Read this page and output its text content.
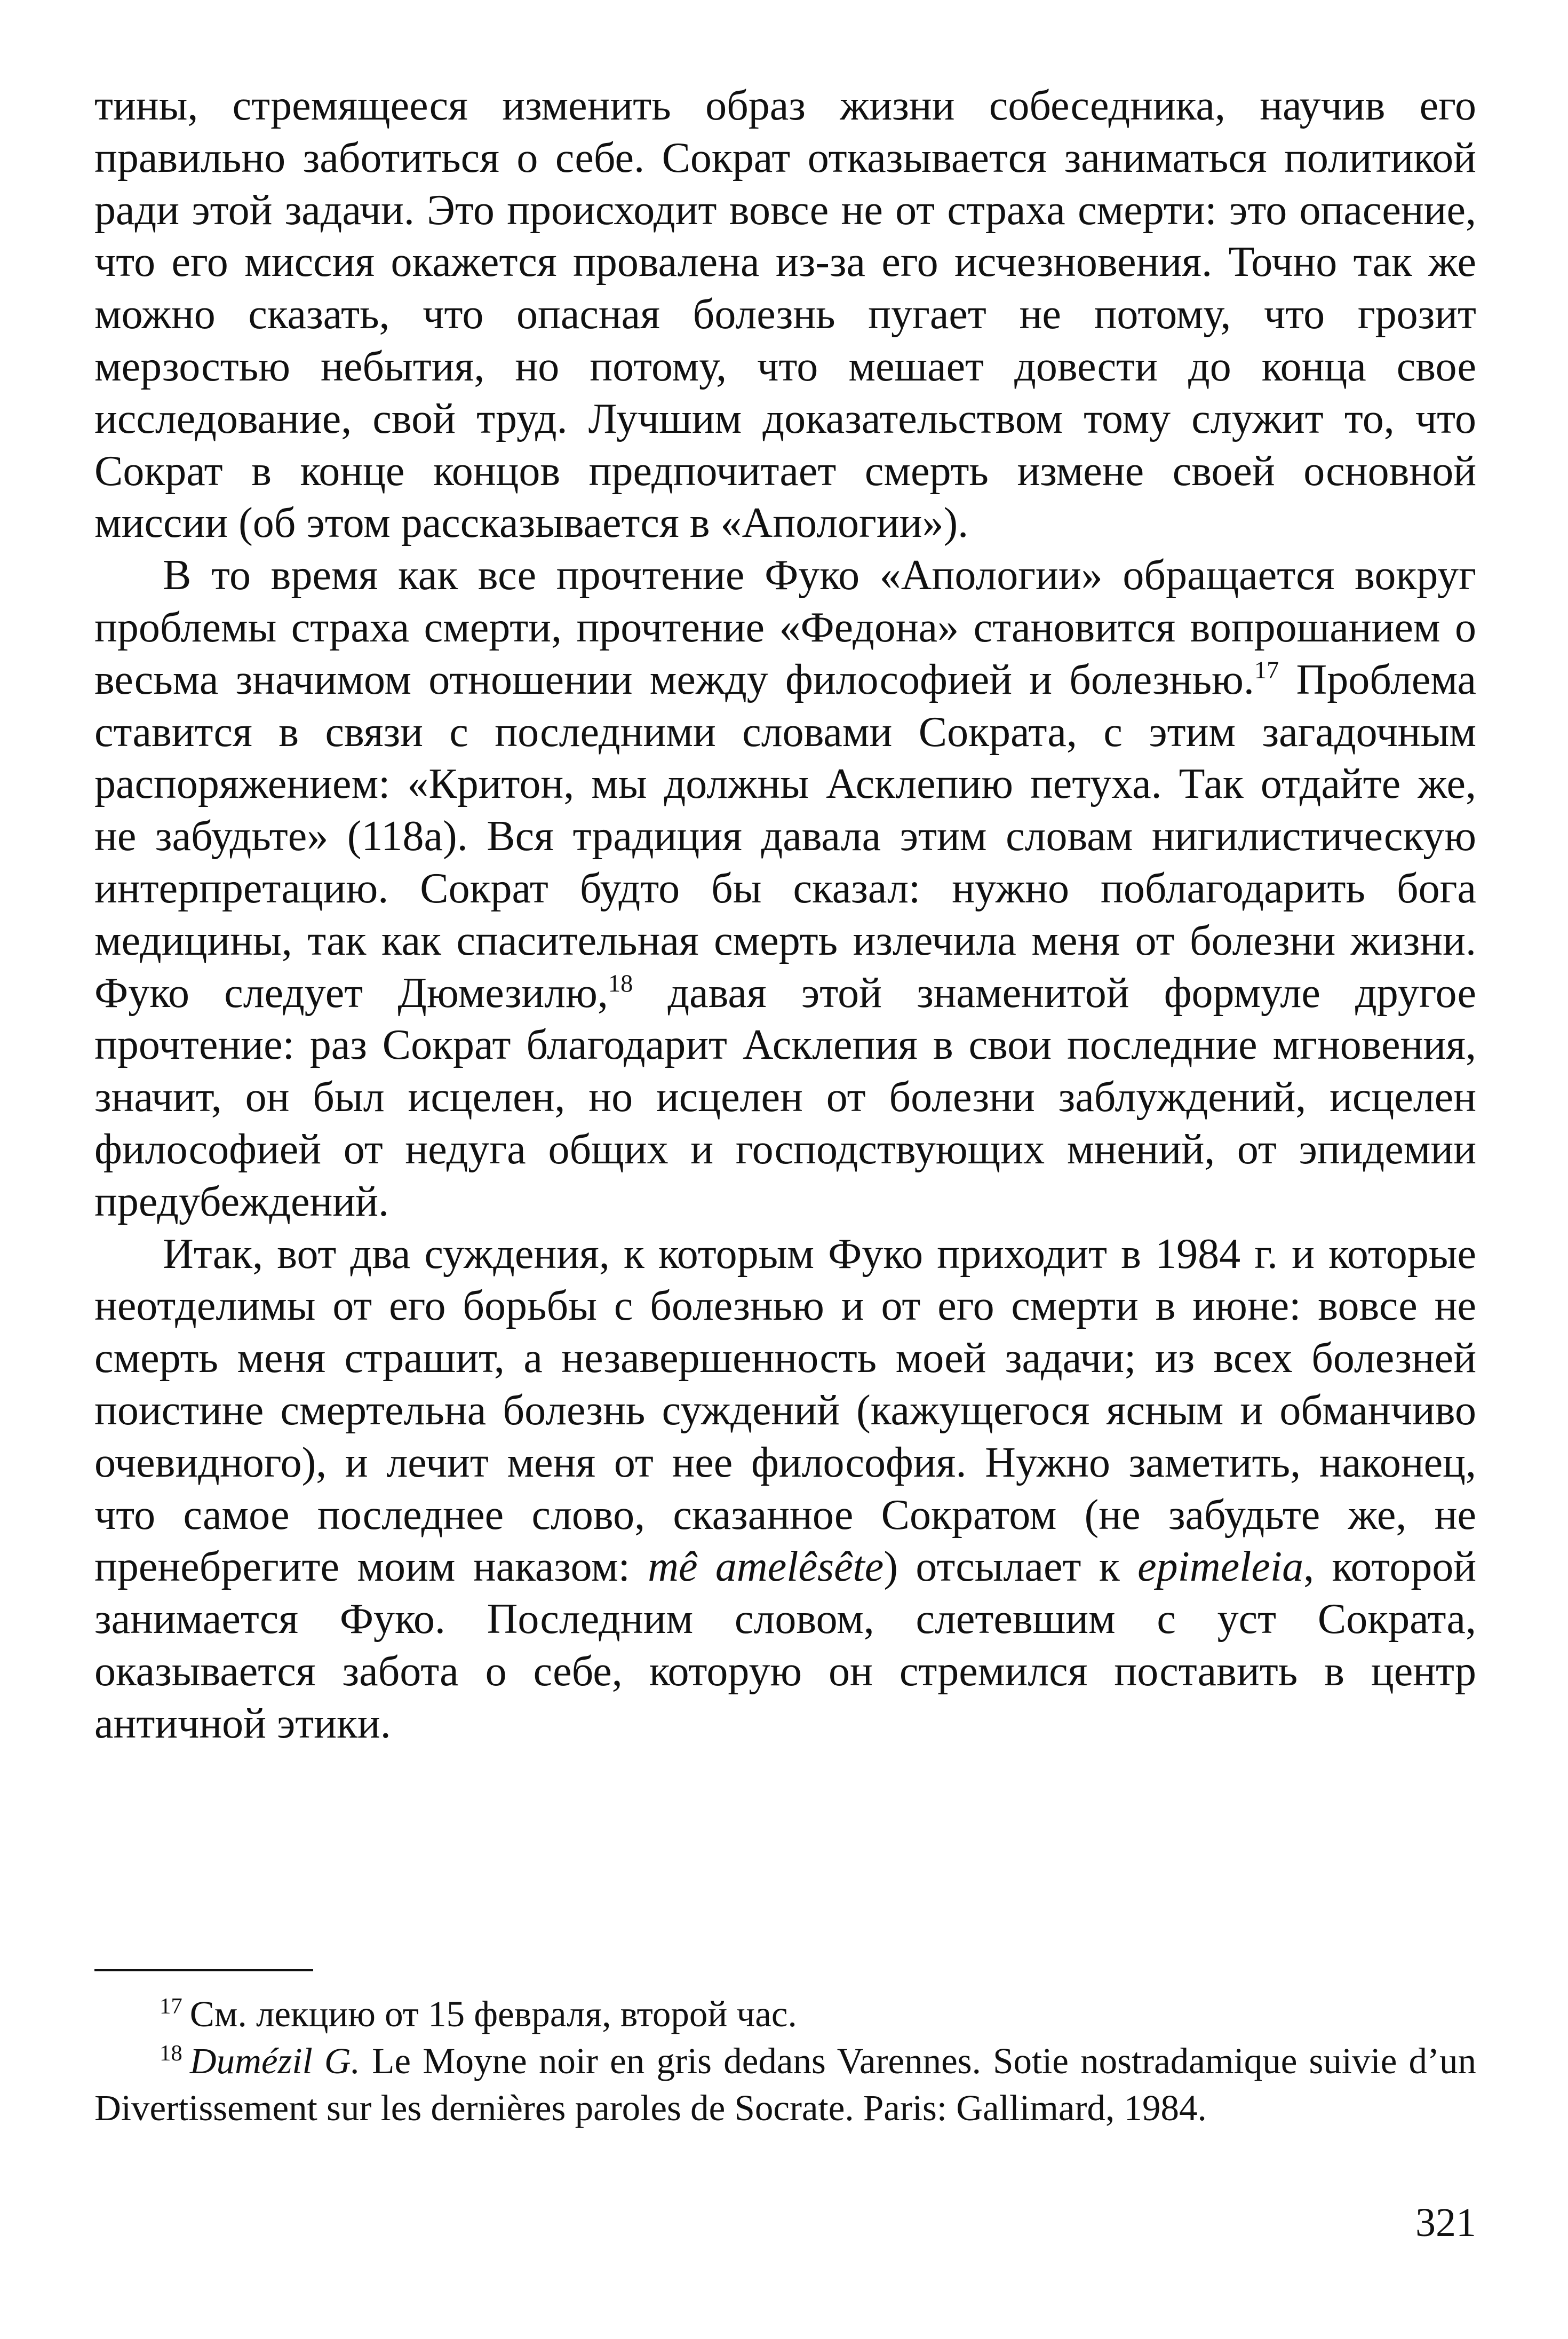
тины, стремящееся изменить образ жизни собеседника, научив его правильно заботиться о себе. Сократ отказывается заниматься политикой ради этой задачи. Это происходит вовсе не от страха смерти: это опасение, что его миссия окажется провалена из-за его исчезновения. Точно так же можно сказать, что опасная болезнь пугает не потому, что грозит мерзостью небытия, но потому, что мешает довести до конца свое исследование, свой труд. Лучшим доказательством тому служит то, что Сократ в конце концов предпочитает смерть измене своей основной миссии (об этом рассказывается в «Апологии»).

В то время как все прочтение Фуко «Апологии» обращается вокруг проблемы страха смерти, прочтение «Федона» становится вопрошанием о весьма значимом отношении между философией и болезнью.$^{17}$ Проблема ставится в связи с последними словами Сократа, с этим загадочным распоряжением: «Критон, мы должны Асклепию петуха. Так отдайте же, не забудьте» (118а). Вся традиция давала этим словам нигилистическую интерпретацию. Сократ будто бы сказал: нужно поблагодарить бога медицины, так как спасительная смерть излечила меня от болезни жизни. Фуко следует Дюмезилю,$^{18}$ давая этой знаменитой формуле другое прочтение: раз Сократ благодарит Асклепия в свои последние мгновения, значит, он был исцелен, но исцелен от болезни заблуждений, исцелен философией от недуга общих и господствующих мнений, от эпидемии предубеждений.

Итак, вот два суждения, к которым Фуко приходит в 1984 г. и которые неотделимы от его борьбы с болезнью и от его смерти в июне: вовсе не смерть меня страшит, а незавершенность моей задачи; из всех болезней поистине смертельна болезнь суждений (кажущегося ясным и обманчиво очевидного), и лечит меня от нее философия. Нужно заметить, наконец, что самое последнее слово, сказанное Сократом (не забудьте же, не пренебрегите моим наказом: mê amelêsête) отсылает к epimeleia, которой занимается Фуко. Последним словом, слетевшим с уст Сократа, оказывается забота о себе, которую он стремился поставить в центр античной этики.

$^{17}$ См. лекцию от 15 февраля, второй час.

$^{18}$ Dumézil G. Le Moyne noir en gris dedans Varennes. Sotie nostradamique suivie d’un Divertissement sur les dernières paroles de Socrate. Paris: Gallimard, 1984.

321
